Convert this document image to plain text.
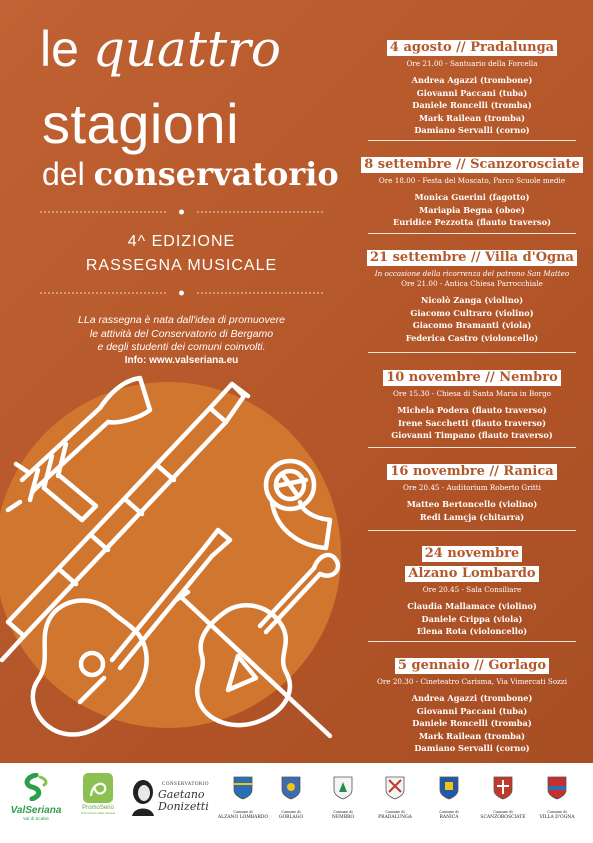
le quattro
stagioni
del conservatorio
4^ EDIZIONE
RASSEGNA MUSICALE
LLa rassegna è nata dall'idea di promuovere
le attività del Conservatorio di Bergamo
e degli studenti dei comuni coinvolti.
Info: www.valseriana.eu
4 agosto // Pradalunga
Ore 21.00 - Santuario della Forcella
Andrea Agazzi (trombone)
Giovanni Paccani (tuba)
Daniele Roncelli (tromba)
Mark Railean (tromba)
Damiano Servalli (corno)
8 settembre // Scanzorosciate
Ore 18.00 - Festa del Moscato, Parco Scuole medie
Monica Guerini (fagotto)
Mariapia Begna (oboe)
Euridice Pezzotta (flauto traverso)
21 settembre // Villa d'Ogna
In occasione della ricorrenza del patrono San Matteo
Ore 21.00 - Antica Chiesa Parrocchiale
Nicolò Zanga (violino)
Giacomo Cultraro (violino)
Giacomo Bramanti (viola)
Federica Castro (violoncello)
10 novembre // Nembro
Ore 15.30 - Chiesa di Santa Maria in Borgo
Michela Podera (flauto traverso)
Irene Sacchetti (flauto traverso)
Giovanni Timpano (flauto traverso)
16 novembre // Ranica
Ore 20.45 - Auditorium Roberto Gritti
Matteo Bertoncello (violino)
Redi Lamçja (chitarra)
24 novembre
Alzano Lombardo
Ore 20.45 - Sala Consiliare
Claudia Mallamace (violino)
Daniele Crippa (viola)
Elena Rota (violoncello)
5 gennaio // Gorlago
Ore 20.30 - Cineteatro Carisma, Via Vimercati Sozzi
Andrea Agazzi (trombone)
Giovanni Paccani (tuba)
Daniele Roncelli (tromba)
Mark Railean (tromba)
Damiano Servalli (corno)
ValSeriana
Val di Scalve
PromoSerio
Promozione Valle Seriana
CONSERVATORIO
Gaetano Donizetti	Comune di
ALZANO LOMBARDO
Comune di
GORLAGO
Comune di
NEMBRO
Comune di
PRADALUNGA
Comune di
RANICA
Comune di
SCANZOROSCIATE
Comune di
VILLA D'OGNA
